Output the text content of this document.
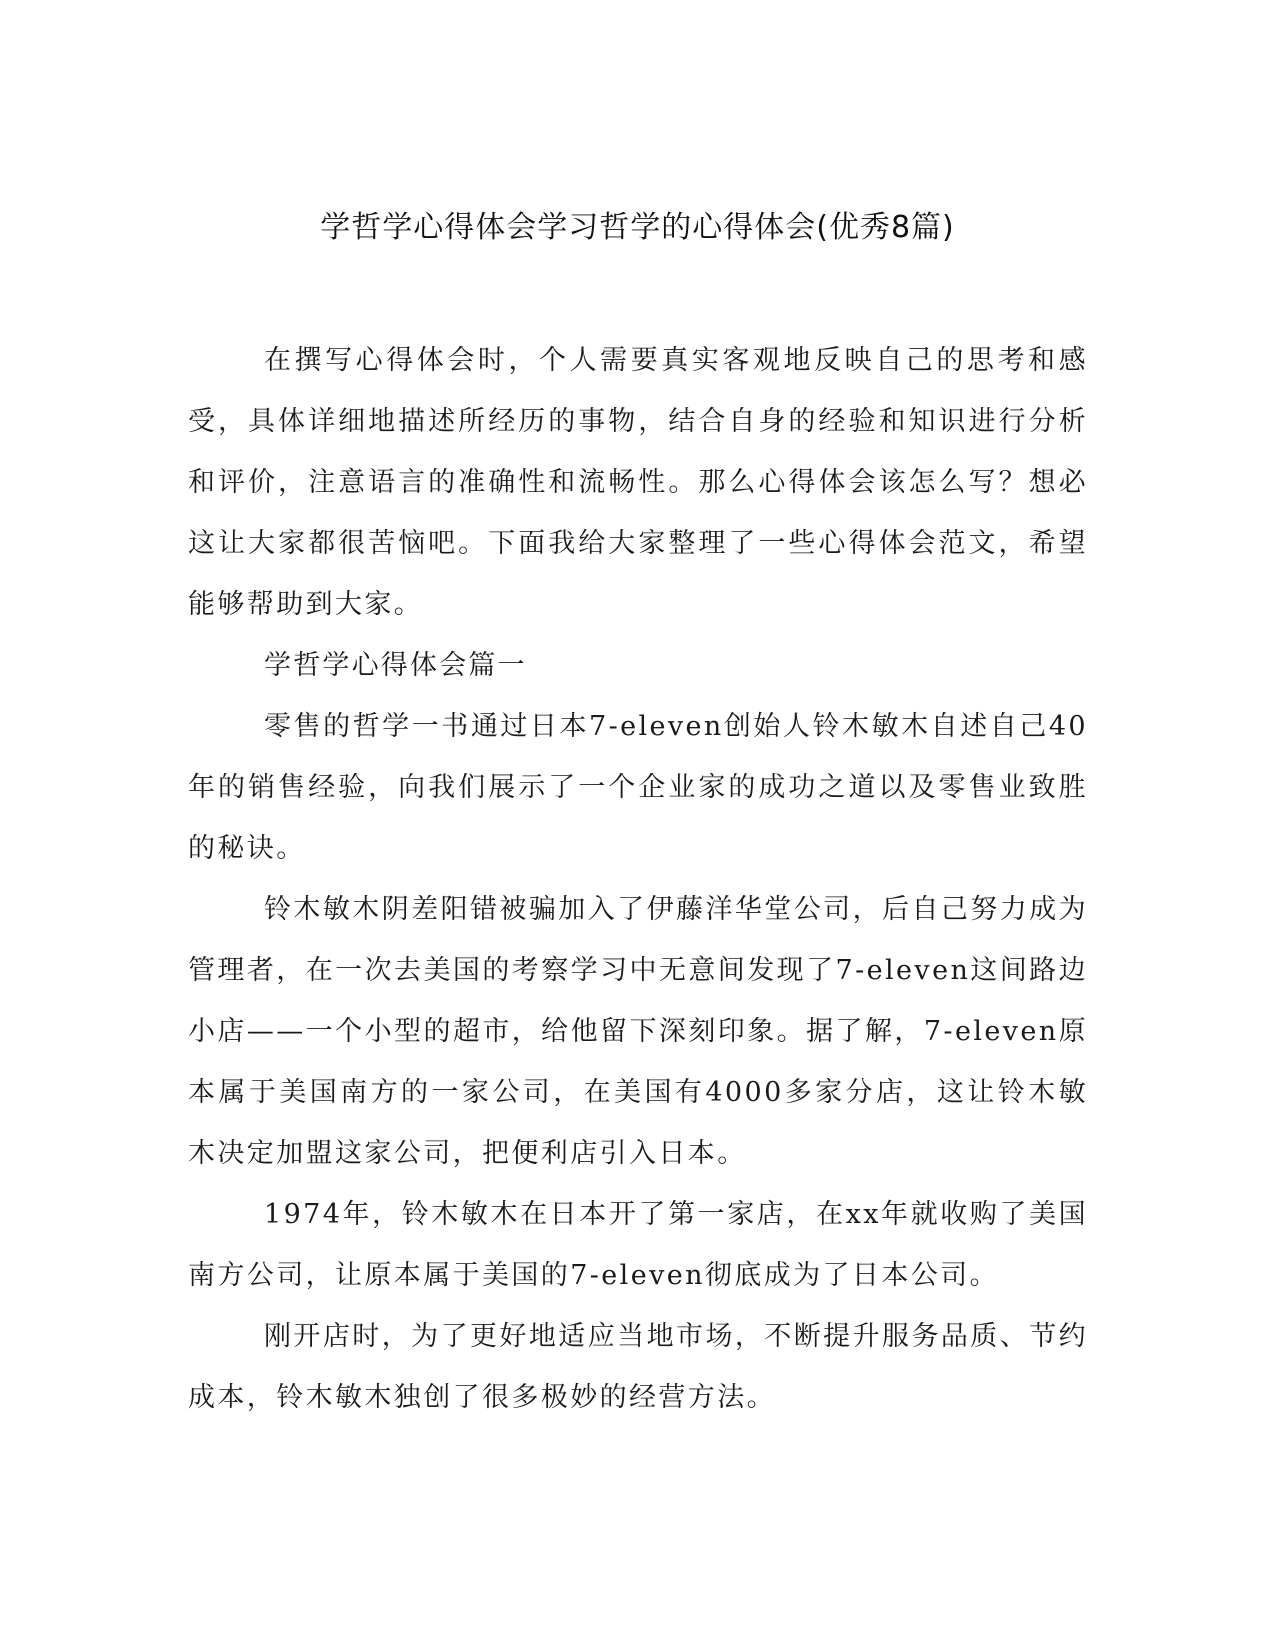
学哲学心得体会学习哲学的心得体会(优秀8篇)

在撰写心得体会时，个人需要真实客观地反映自己的思考和感受，具体详细地描述所经历的事物，结合自身的经验和知识进行分析和评价，注意语言的准确性和流畅性。那么心得体会该怎么写？想必这让大家都很苦恼吧。下面我给大家整理了一些心得体会范文，希望能够帮助到大家。

学哲学心得体会篇一

零售的哲学一书通过日本7-eleven创始人铃木敏木自述自己40年的销售经验，向我们展示了一个企业家的成功之道以及零售业致胜的秘诀。

铃木敏木阴差阳错被骗加入了伊藤洋华堂公司，后自己努力成为管理者，在一次去美国的考察学习中无意间发现了7-eleven这间路边小店——一个小型的超市，给他留下深刻印象。据了解，7-eleven原本属于美国南方的一家公司，在美国有4000多家分店，这让铃木敏木决定加盟这家公司，把便利店引入日本。

1974年，铃木敏木在日本开了第一家店，在xx年就收购了美国南方公司，让原本属于美国的7-eleven彻底成为了日本公司。

刚开店时，为了更好地适应当地市场，不断提升服务品质、节约成本，铃木敏木独创了很多极妙的经营方法。
